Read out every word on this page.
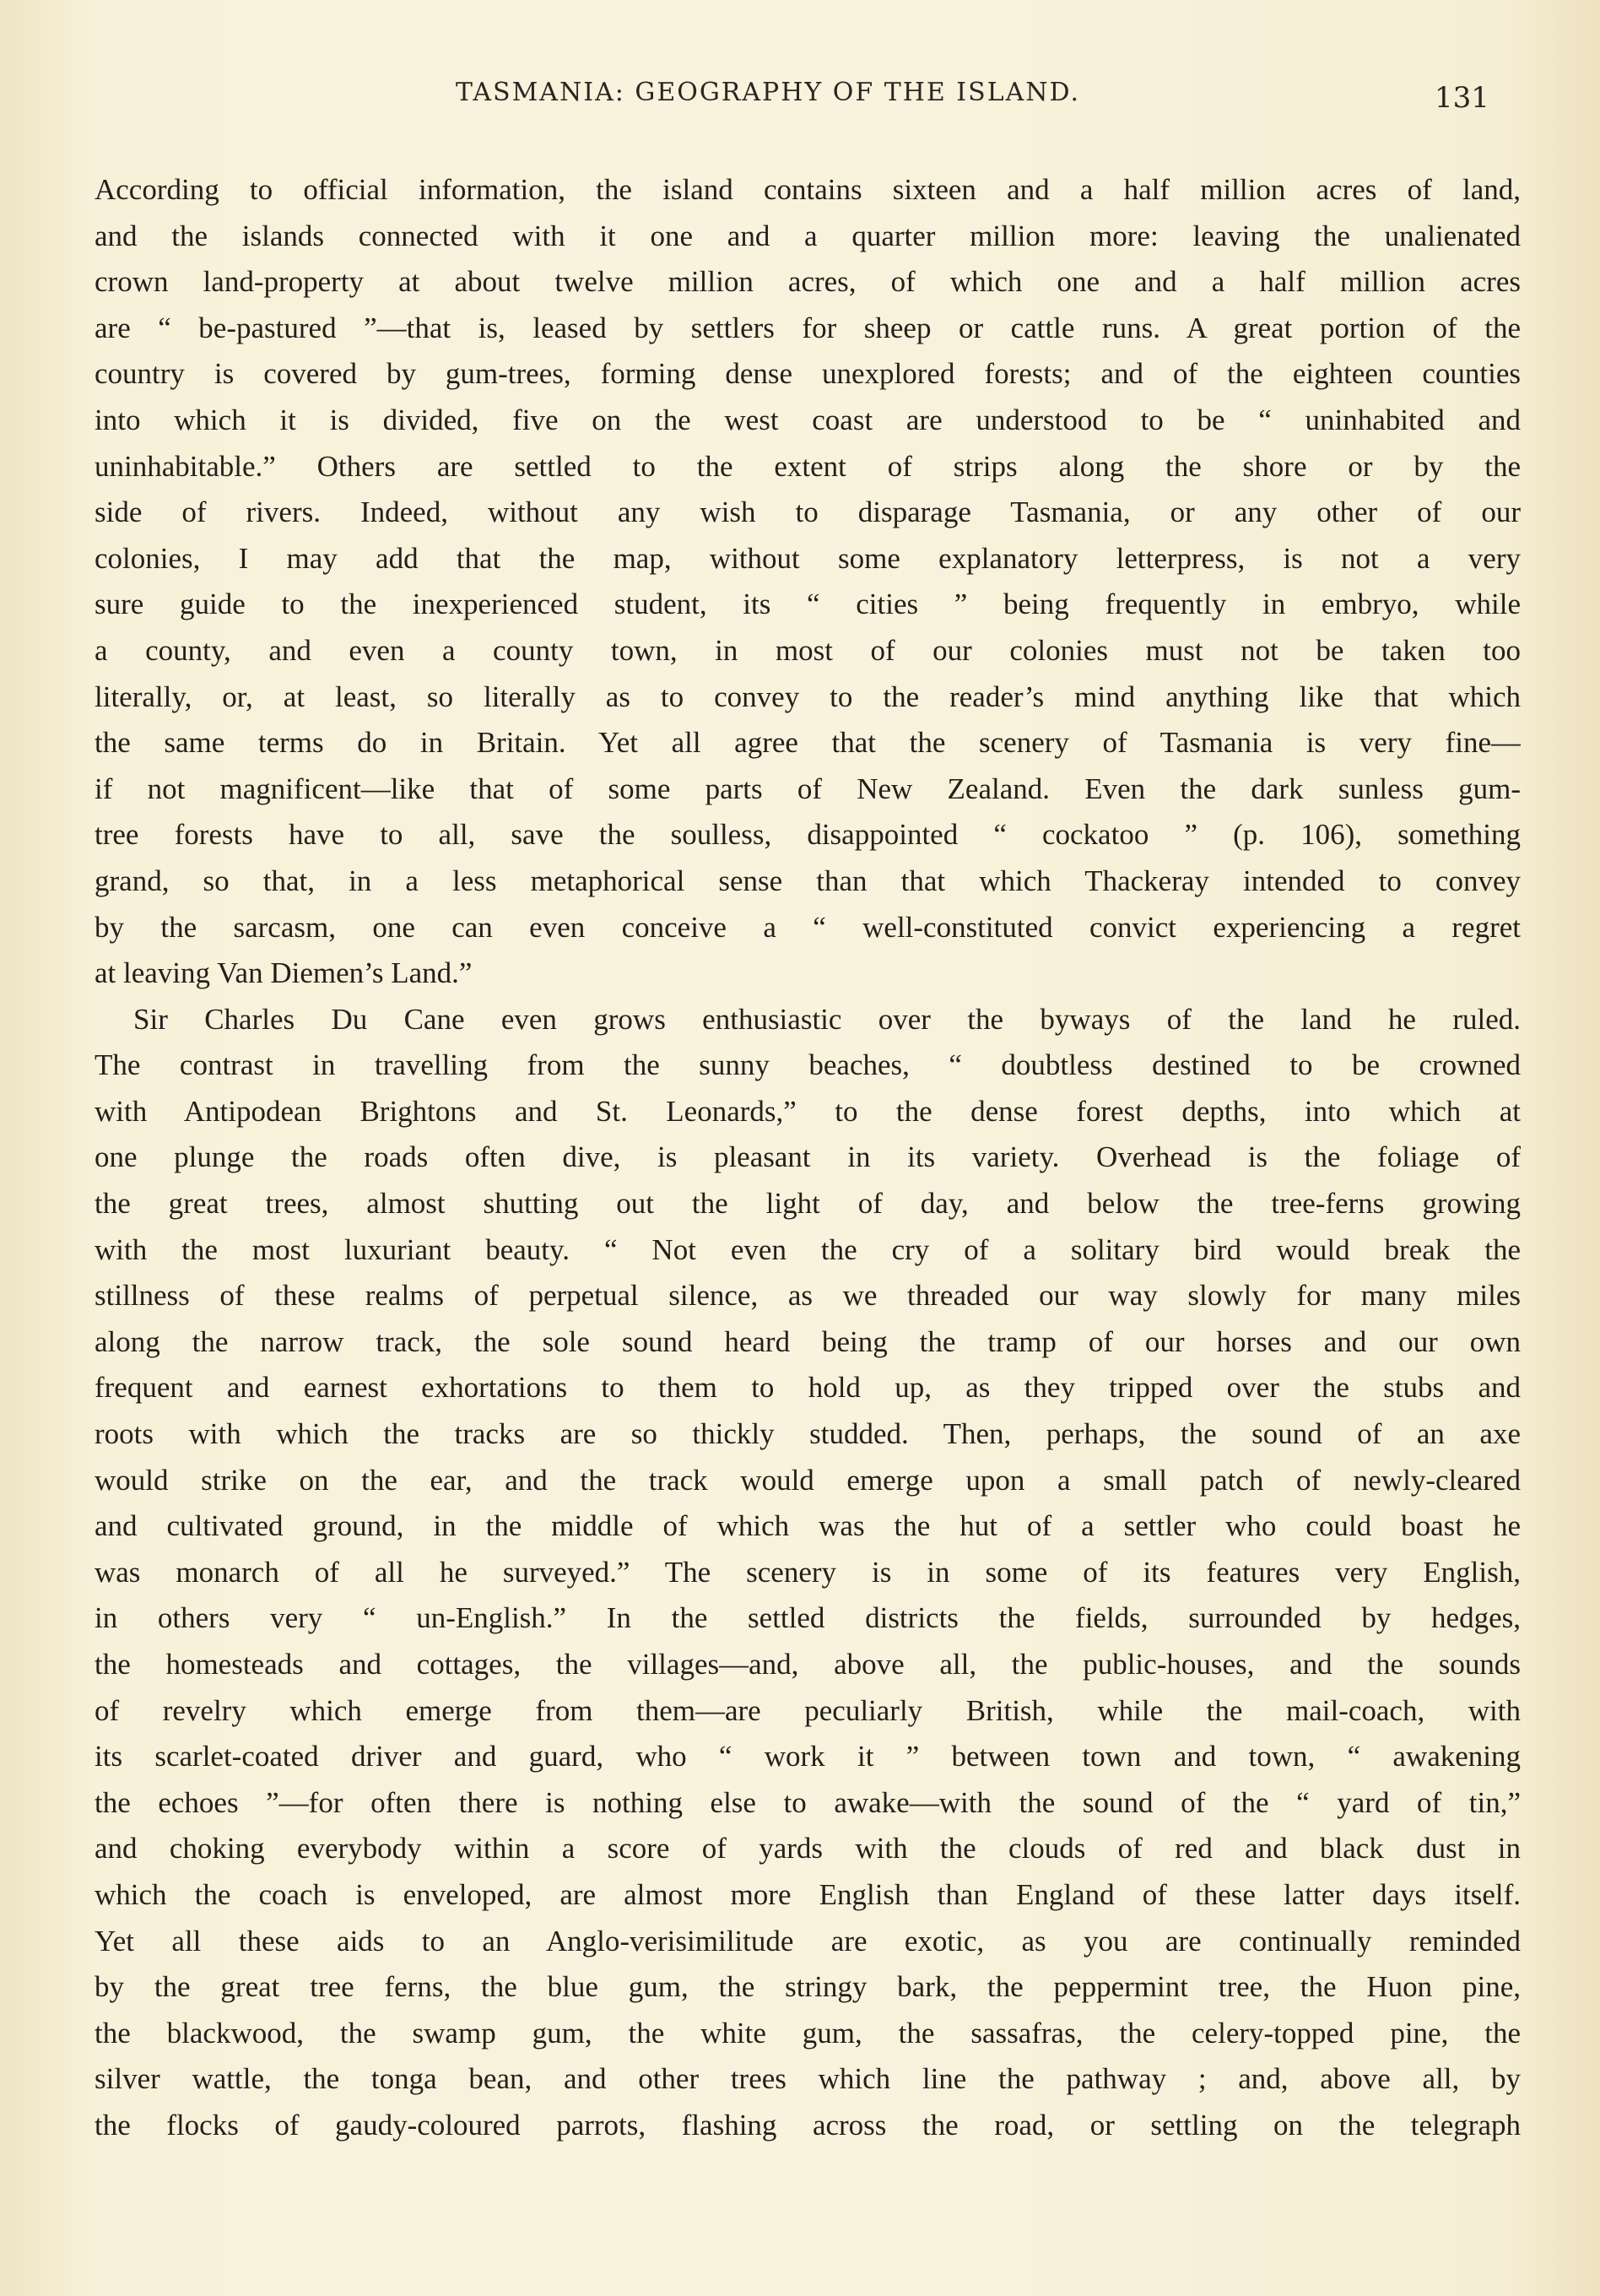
TASMANIA: GEOGRAPHY OF THE ISLAND.	131
According to official information, the island contains sixteen and a half million acres of land,
and the islands connected with it one and a quarter million more: leaving the unalienated
crown land-property at about twelve million acres, of which one and a half million acres
are “ be-pastured ”—that is, leased by settlers for sheep or cattle runs. A great portion of the
country is covered by gum-trees, forming dense unexplored forests; and of the eighteen counties
into which it is divided, five on the west coast are understood to be “ uninhabited and
uninhabitable.” Others are settled to the extent of strips along the shore or by the
side of rivers. Indeed, without any wish to disparage Tasmania, or any other of our
colonies, I may add that the map, without some explanatory letterpress, is not a very
sure guide to the inexperienced student, its “ cities ” being frequently in embryo, while
a county, and even a county town, in most of our colonies must not be taken too
literally, or, at least, so literally as to convey to the reader’s mind anything like that which
the same terms do in Britain. Yet all agree that the scenery of Tasmania is very fine—
if not magnificent—like that of some parts of New Zealand. Even the dark sunless gum-
tree forests have to all, save the soulless, disappointed “ cockatoo ” (p. 106), something
grand, so that, in a less metaphorical sense than that which Thackeray intended to convey
by the sarcasm, one can even conceive a “ well-constituted convict experiencing a regret
at leaving Van Diemen’s Land.”
Sir Charles Du Cane even grows enthusiastic over the byways of the land he ruled.
The contrast in travelling from the sunny beaches, “ doubtless destined to be crowned
with Antipodean Brightons and St. Leonards,” to the dense forest depths, into which at
one plunge the roads often dive, is pleasant in its variety. Overhead is the foliage of
the great trees, almost shutting out the light of day, and below the tree-ferns growing
with the most luxuriant beauty. “ Not even the cry of a solitary bird would break the
stillness of these realms of perpetual silence, as we threaded our way slowly for many miles
along the narrow track, the sole sound heard being the tramp of our horses and our own
frequent and earnest exhortations to them to hold up, as they tripped over the stubs and
roots with which the tracks are so thickly studded. Then, perhaps, the sound of an axe
would strike on the ear, and the track would emerge upon a small patch of newly-cleared
and cultivated ground, in the middle of which was the hut of a settler who could boast he
was monarch of all he surveyed.” The scenery is in some of its features very English,
in others very “ un-English.” In the settled districts the fields, surrounded by hedges,
the homesteads and cottages, the villages—and, above all, the public-houses, and the sounds
of revelry which emerge from them—are peculiarly British, while the mail-coach, with
its scarlet-coated driver and guard, who “ work it ” between town and town, “ awakening
the echoes ”—for often there is nothing else to awake—with the sound of the “ yard of tin,”
and choking everybody within a score of yards with the clouds of red and black dust in
which the coach is enveloped, are almost more English than England of these latter days itself.
Yet all these aids to an Anglo-verisimilitude are exotic, as you are continually reminded
by the great tree ferns, the blue gum, the stringy bark, the peppermint tree, the Huon pine,
the blackwood, the swamp gum, the white gum, the sassafras, the celery-topped pine, the
silver wattle, the tonga bean, and other trees which line the pathway ; and, above all, by
the flocks of gaudy-coloured parrots, flashing across the road, or settling on the telegraph
